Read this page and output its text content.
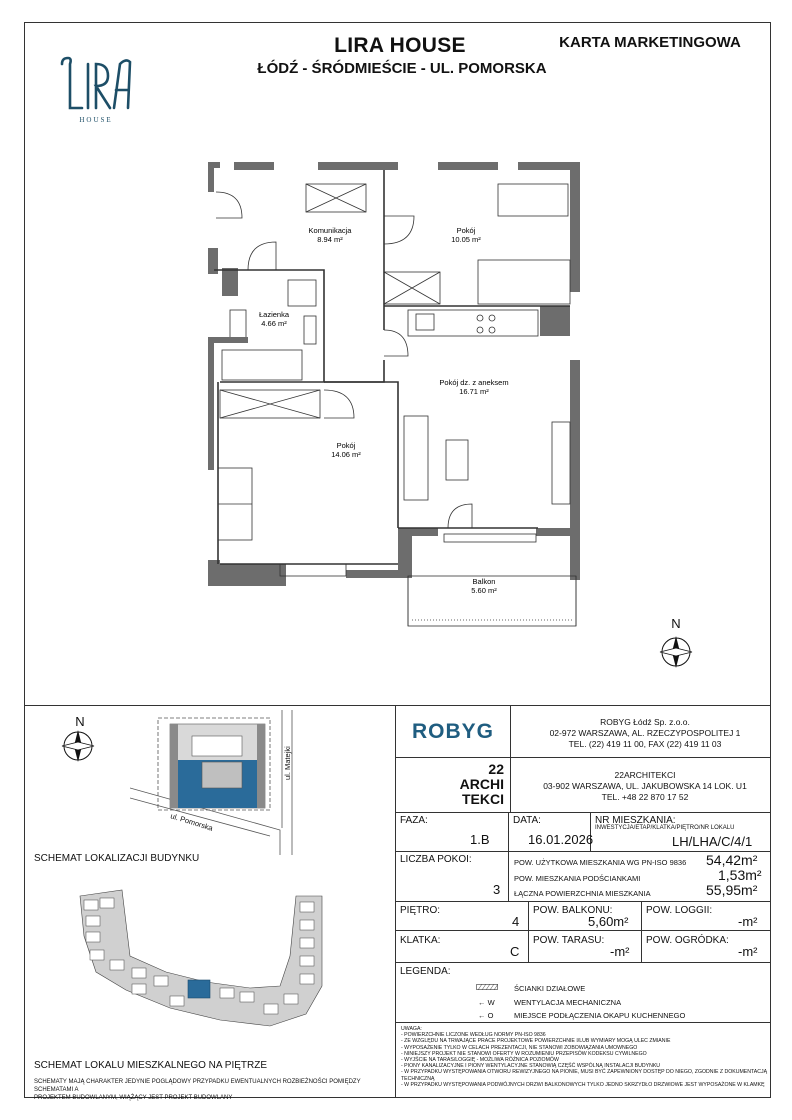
LIRA HOUSE
ŁÓDŹ - ŚRÓDMIEŚCIE - UL. POMORSKA
KARTA MARKETINGOWA
LIRA
HOUSE
Komunikacja
8.94 m²
Pokój
10.05 m²
Łazienka
4.66 m²
Pokój dz. z aneksem
16.71 m²
Pokój
14.06 m²
Balkon
5.60 m²
N
N
ul. Matejki
ul. Pomorska
SCHEMAT LOKALIZACJI BUDYNKU
SCHEMAT LOKALU MIESZKALNEGO NA PIĘTRZE
SCHEMATY MAJĄ CHARAKTER JEDYNIE POGLĄDOWY PRZYPADKU EWENTUALNYCH ROZBIEŻNOŚCI POMIĘDZY SCHEMATAMI A
PROJEKTEM BUDOWLANYM, WIĄŻĄCY JEST PROJEKT BUDOWLANY
ROBYG	ROBYG Łódź Sp. z.o.o.
02-972 WARSZAWA, AL. RZECZYPOSPOLITEJ 1
TEL. (22) 419 11 00, FAX (22) 419 11 03
22
ARCHI
TEKCI
22ARCHITEKCI
03-902 WARSZAWA, UL. JAKUBOWSKA 14 LOK. U1
TEL. +48 22 870 17 52
FAZA:
1.B
DATA:
16.01.2026
NR MIESZKANIA:
INWESTYCJA/ETAP/KLATKA/PIĘTRO/NR LOKALU
LH/LHA/C/4/1
LICZBA POKOI:
3
POW. UŻYTKOWA MIESZKANIA WG PN-ISO 9836 54,42m²
POW. MIESZKANIA PODŚCIANKAMI	1,53m²
ŁĄCZNA POWIERZCHNIA MIESZKANIA	55,95m²
PIĘTRO:
4
POW. BALKONU:
5,60m²
POW. LOGGII:
-m²
KLATKA:
C
POW. TARASU:
-m²
POW. OGRÓDKA:
-m²
LEGENDA:
ŚCIANKI DZIAŁOWE
← W	WENTYLACJA MECHANICZNA
← O	MIEJSCE PODŁĄCZENIA OKAPU KUCHENNEGO
UWAGA:
- POWIERZCHNIE LICZONE WEDŁUG NORMY PN-ISO 9836
- ZE WZGLĘDU NA TRWAJĄCE PRACE PROJEKTOWE POWIERZCHNIE I/LUB WYMIARY MOGĄ ULEC ZMIANIE
- WYPOSAŻENIE TYLKO W CELACH PREZENTACJI, NIE STANOWI ZOBOWIĄZANIA UMOWNEGO
- NINIEJSZY PROJEKT NIE STANOWI OFERTY W ROZUMIENIU PRZEPISÓW KODEKSU CYWILNEGO
- WYJŚCIE NA TARAS/LOGGIĘ - MOŻLIWA RÓŻNICA POZIOMÓW
- PIONY KANALIZACYJNE I PIONY WENTYLACYJNE STANOWIĄ CZĘŚĆ WSPÓLNĄ INSTALACJI BUDYNKU
- W PRZYPADKU WYSTĘPOWANIA OTWORU REWIZYJNEGO NA PIONIE, MUSI BYĆ ZAPEWNIONY DOSTĘP DO NIEGO, ZGODNIE Z DOKUMENTACJĄ TECHNICZNĄ
- W PRZYPADKU WYSTĘPOWANIA PODWÓJNYCH DRZWI BALKONOWYCH TYLKO JEDNO SKRZYDŁO DRZWIOWE JEST WYPOSAŻONE W KLAMKĘ
